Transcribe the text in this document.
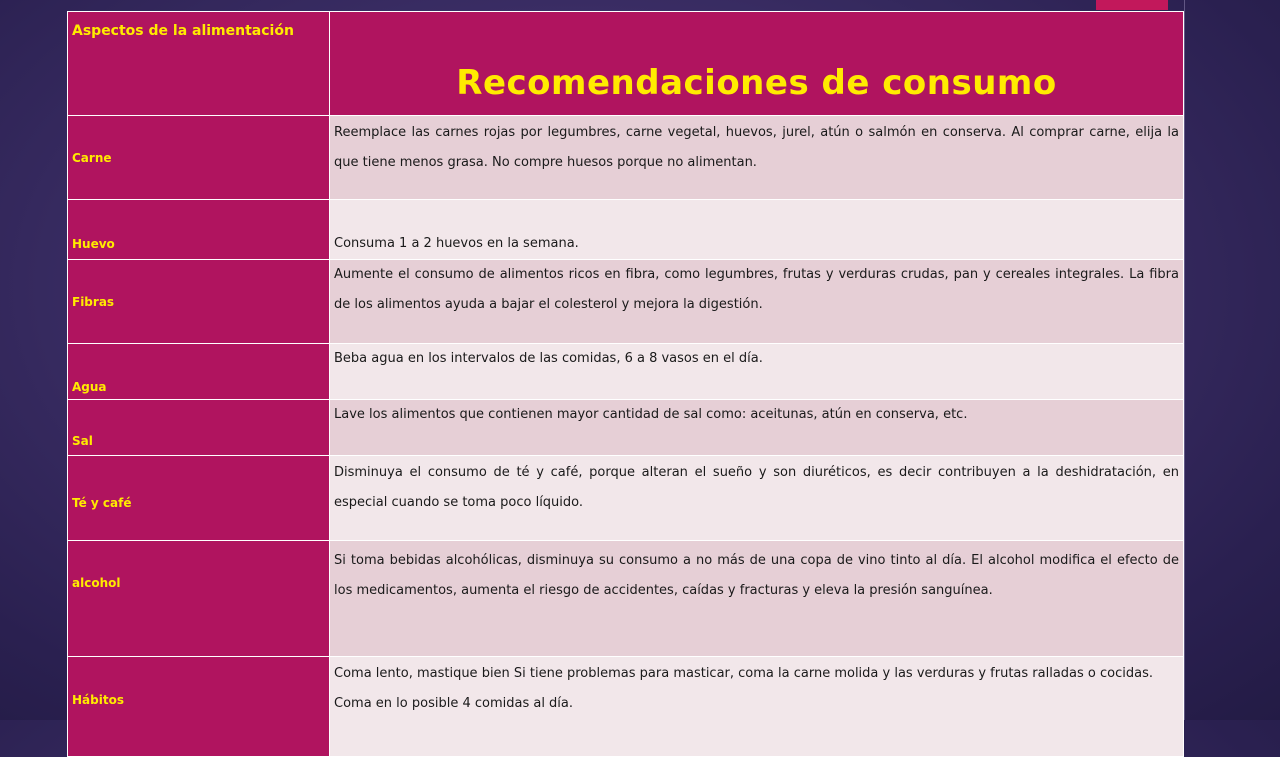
Aspectos de la alimentación	Recomendaciones de consumo

Carne	Reemplace las carnes rojas por legumbres, carne vegetal, huevos, jurel, atún o salmón en conserva. Al comprar carne, elija la que tiene menos grasa. No compre huesos porque no alimentan.

Huevo	Consuma 1 a 2 huevos en la semana.

Fibras	Aumente el consumo de alimentos ricos en fibra, como legumbres, frutas y verduras crudas, pan y cereales integrales. La fibra de los alimentos ayuda a bajar el colesterol y mejora la digestión.

Agua	Beba agua en los intervalos de las comidas, 6 a 8 vasos en el día.

Sal	Lave los alimentos que contienen mayor cantidad de sal como: aceitunas, atún en conserva, etc.

Té y café	Disminuya el consumo de té y café, porque alteran el sueño y son diuréticos, es decir contribuyen a la deshidratación, en especial cuando se toma poco líquido.

alcohol	Si toma bebidas alcohólicas, disminuya su consumo a no más de una copa de vino tinto al día. El alcohol modifica el efecto de los medicamentos, aumenta el riesgo de accidentes, caídas y fracturas y eleva la presión sanguínea.

Hábitos	Coma lento, mastique bien Si tiene problemas para masticar, coma la carne molida y las verduras y frutas ralladas o cocidas.
Coma en lo posible 4 comidas al día.
